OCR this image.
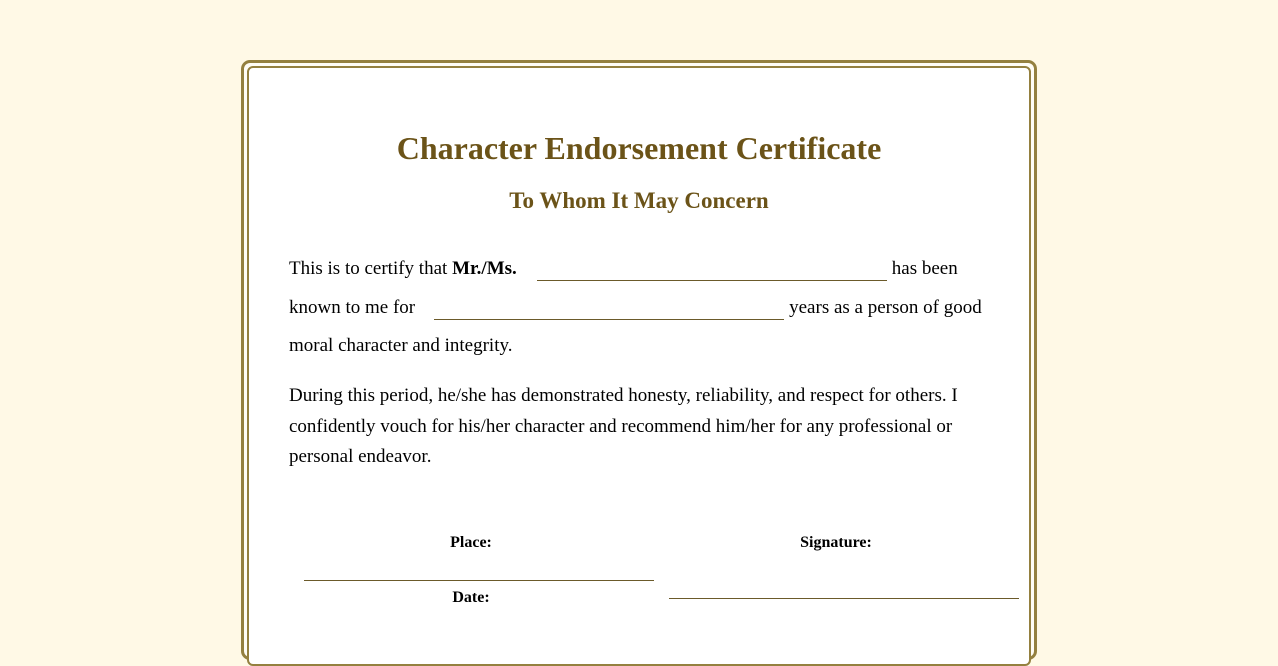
Character Endorsement Certificate
To Whom It May Concern

This is to certify that Mr./Ms.	has been known to me for	years as a person of good moral character and integrity.

During this period, he/she has demonstrated honesty, reliability, and respect for others. I confidently vouch for his/her character and recommend him/her for any professional or personal endeavor.

Place:
Date:
Signature:
